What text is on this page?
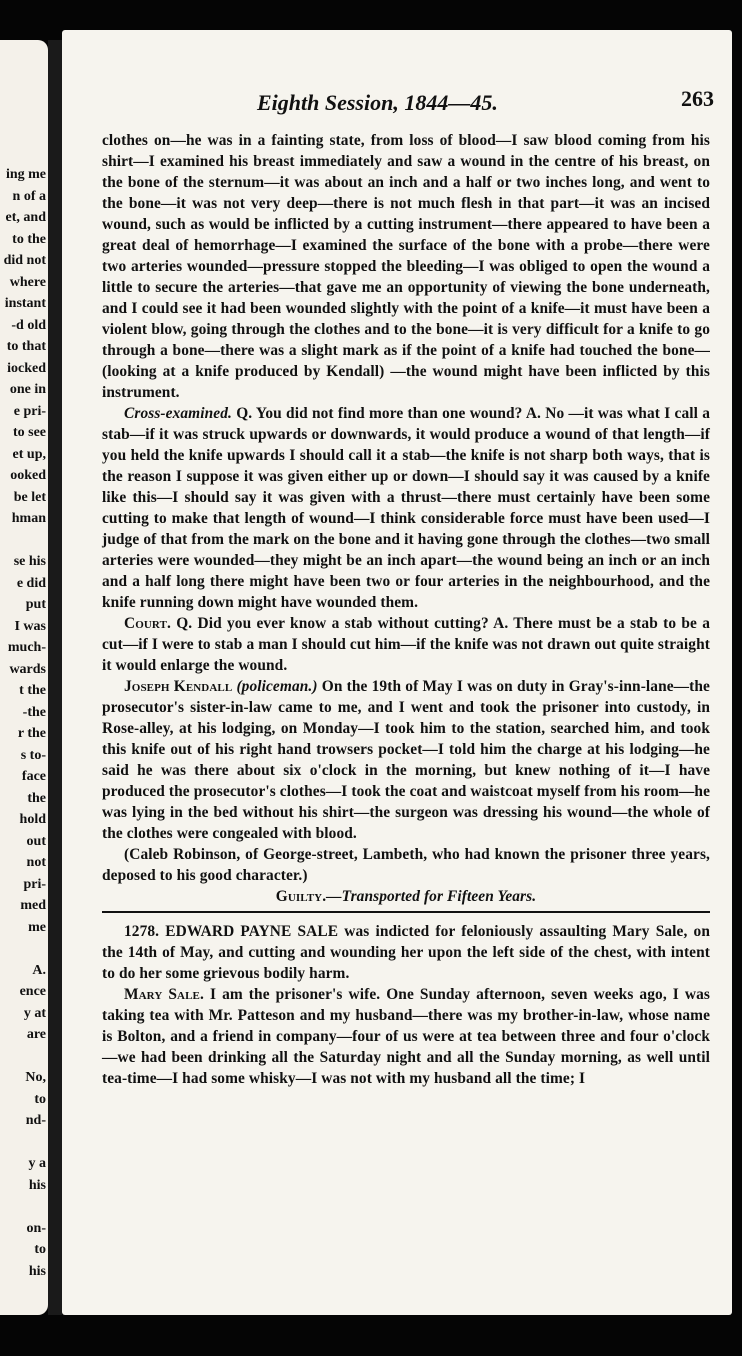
ing me
n of a
et, and
to the
did not
where
instant
-d old
to that
iocked
one in
e pri-
to see
et up,
ooked
be let
hman
se his
e did
put
I was
much-
wards
t the
-the
r the
s to-
face
the
hold
out
not
pri-
med
me
A.
ence
y at
are
No,
to
nd-
y a
his
on-
to
his
Eighth Session, 1844—45.	263

clothes on—he was in a fainting state, from loss of blood—I saw blood coming from his shirt—I examined his breast immediately and saw a wound in the centre of his breast, on the bone of the sternum—it was about an inch and a half or two inches long, and went to the bone—it was not very deep—there is not much flesh in that part—it was an incised wound, such as would be inflicted by a cutting instrument—there appeared to have been a great deal of hemorrhage—I examined the surface of the bone with a probe—there were two arteries wounded—pressure stopped the bleeding—I was obliged to open the wound a little to secure the arteries—that gave me an opportunity of viewing the bone underneath, and I could see it had been wounded slightly with the point of a knife—it must have been a violent blow, going through the clothes and to the bone—it is very difficult for a knife to go through a bone—there was a slight mark as if the point of a knife had touched the bone—(looking at a knife produced by Kendall) —the wound might have been inflicted by this instrument.

Cross-examined. Q. You did not find more than one wound? A. No —it was what I call a stab—if it was struck upwards or downwards, it would produce a wound of that length—if you held the knife upwards I should call it a stab—the knife is not sharp both ways, that is the reason I suppose it was given either up or down—I should say it was caused by a knife like this—I should say it was given with a thrust—there must certainly have been some cutting to make that length of wound—I think considerable force must have been used—I judge of that from the mark on the bone and it having gone through the clothes—two small arteries were wounded—they might be an inch apart—the wound being an inch or an inch and a half long there might have been two or four arteries in the neighbourhood, and the knife running down might have wounded them.

Court. Q. Did you ever know a stab without cutting? A. There must be a stab to be a cut—if I were to stab a man I should cut him—if the knife was not drawn out quite straight it would enlarge the wound.

Joseph Kendall (policeman.) On the 19th of May I was on duty in Gray's-inn-lane—the prosecutor's sister-in-law came to me, and I went and took the prisoner into custody, in Rose-alley, at his lodging, on Monday—I took him to the station, searched him, and took this knife out of his right hand trowsers pocket—I told him the charge at his lodging—he said he was there about six o'clock in the morning, but knew nothing of it—I have produced the prosecutor's clothes—I took the coat and waistcoat myself from his room—he was lying in the bed without his shirt—the surgeon was dressing his wound—the whole of the clothes were congealed with blood.

(Caleb Robinson, of George-street, Lambeth, who had known the prisoner three years, deposed to his good character.)

Guilty.—Transported for Fifteen Years.

1278. EDWARD PAYNE SALE was indicted for feloniously assaulting Mary Sale, on the 14th of May, and cutting and wounding her upon the left side of the chest, with intent to do her some grievous bodily harm.

Mary Sale. I am the prisoner's wife. One Sunday afternoon, seven weeks ago, I was taking tea with Mr. Patteson and my husband—there was my brother-in-law, whose name is Bolton, and a friend in company—four of us were at tea between three and four o'clock—we had been drinking all the Saturday night and all the Sunday morning, as well until tea-time—I had some whisky—I was not with my husband all the time; I
